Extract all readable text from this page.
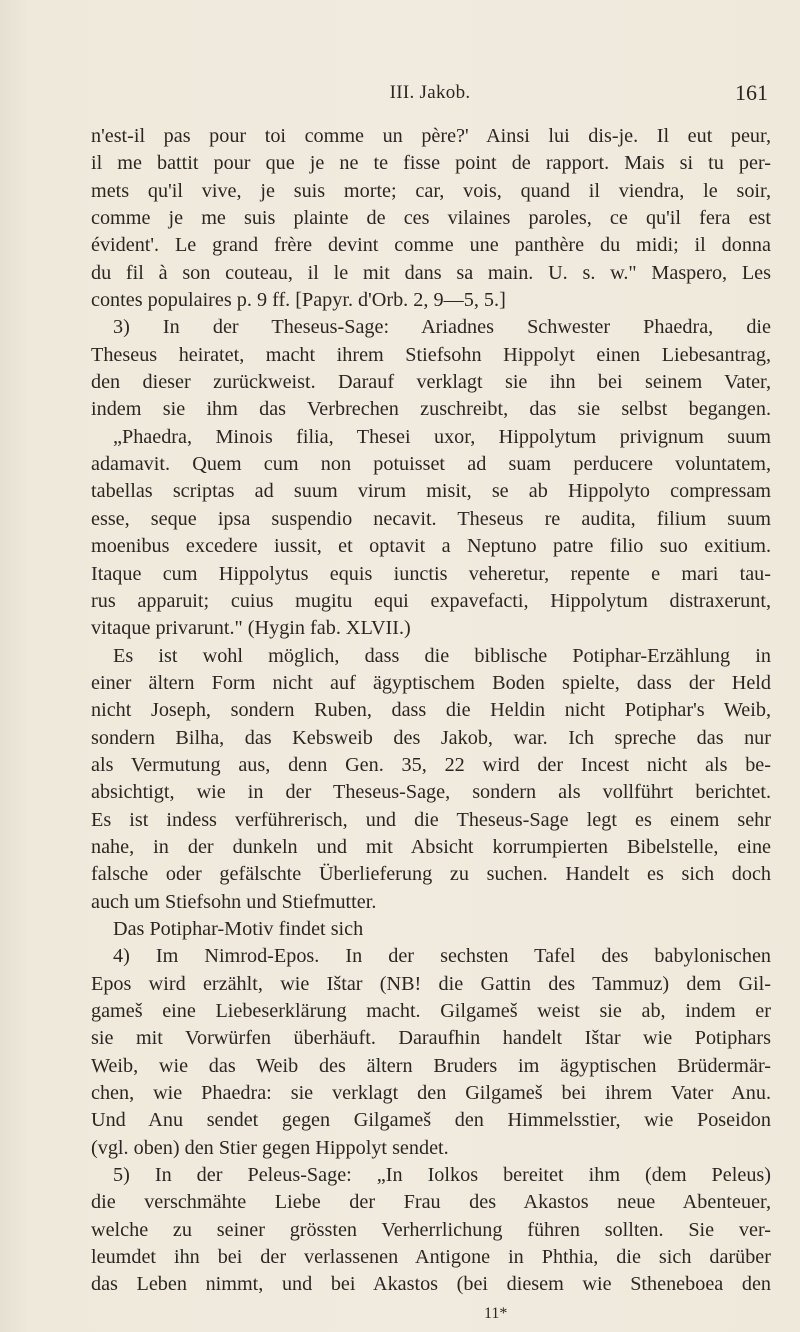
III. Jakob.	161
n'est-il pas pour toi comme un père?' Ainsi lui dis-je. Il eut peur,
il me battit pour que je ne te fisse point de rapport. Mais si tu per-
mets qu'il vive, je suis morte; car, vois, quand il viendra, le soir,
comme je me suis plainte de ces vilaines paroles, ce qu'il fera est
évident'. Le grand frère devint comme une panthère du midi; il donna
du fil à son couteau, il le mit dans sa main. U. s. w." Maspero, Les
contes populaires p. 9 ff. [Papyr. d'Orb. 2, 9—5, 5.]
3) In der Theseus-Sage: Ariadnes Schwester Phaedra, die
Theseus heiratet, macht ihrem Stiefsohn Hippolyt einen Liebesantrag,
den dieser zurückweist. Darauf verklagt sie ihn bei seinem Vater,
indem sie ihm das Verbrechen zuschreibt, das sie selbst begangen.
„Phaedra, Minois filia, Thesei uxor, Hippolytum privignum suum
adamavit. Quem cum non potuisset ad suam perducere voluntatem,
tabellas scriptas ad suum virum misit, se ab Hippolyto compressam
esse, seque ipsa suspendio necavit. Theseus re audita, filium suum
moenibus excedere iussit, et optavit a Neptuno patre filio suo exitium.
Itaque cum Hippolytus equis iunctis veheretur, repente e mari tau-
rus apparuit; cuius mugitu equi expavefacti, Hippolytum distraxerunt,
vitaque privarunt." (Hygin fab. XLVII.)
Es ist wohl möglich, dass die biblische Potiphar-Erzählung in
einer ältern Form nicht auf ägyptischem Boden spielte, dass der Held
nicht Joseph, sondern Ruben, dass die Heldin nicht Potiphar's Weib,
sondern Bilha, das Kebsweib des Jakob, war. Ich spreche das nur
als Vermutung aus, denn Gen. 35, 22 wird der Incest nicht als be-
absichtigt, wie in der Theseus-Sage, sondern als vollführt berichtet.
Es ist indess verführerisch, und die Theseus-Sage legt es einem sehr
nahe, in der dunkeln und mit Absicht korrumpierten Bibelstelle, eine
falsche oder gefälschte Überlieferung zu suchen. Handelt es sich doch
auch um Stiefsohn und Stiefmutter.
Das Potiphar-Motiv findet sich
4) Im Nimrod-Epos. In der sechsten Tafel des babylonischen
Epos wird erzählt, wie Ištar (NB! die Gattin des Tammuz) dem Gil-
gameš eine Liebeserklärung macht. Gilgameš weist sie ab, indem er
sie mit Vorwürfen überhäuft. Daraufhin handelt Ištar wie Potiphars
Weib, wie das Weib des ältern Bruders im ägyptischen Brüdermär-
chen, wie Phaedra: sie verklagt den Gilgameš bei ihrem Vater Anu.
Und Anu sendet gegen Gilgameš den Himmelsstier, wie Poseidon
(vgl. oben) den Stier gegen Hippolyt sendet.
5) In der Peleus-Sage: „In Iolkos bereitet ihm (dem Peleus)
die verschmähte Liebe der Frau des Akastos neue Abenteuer,
welche zu seiner grössten Verherrlichung führen sollten. Sie ver-
leumdet ihn bei der verlassenen Antigone in Phthia, die sich darüber
das Leben nimmt, und bei Akastos (bei diesem wie Stheneboea den
11*
